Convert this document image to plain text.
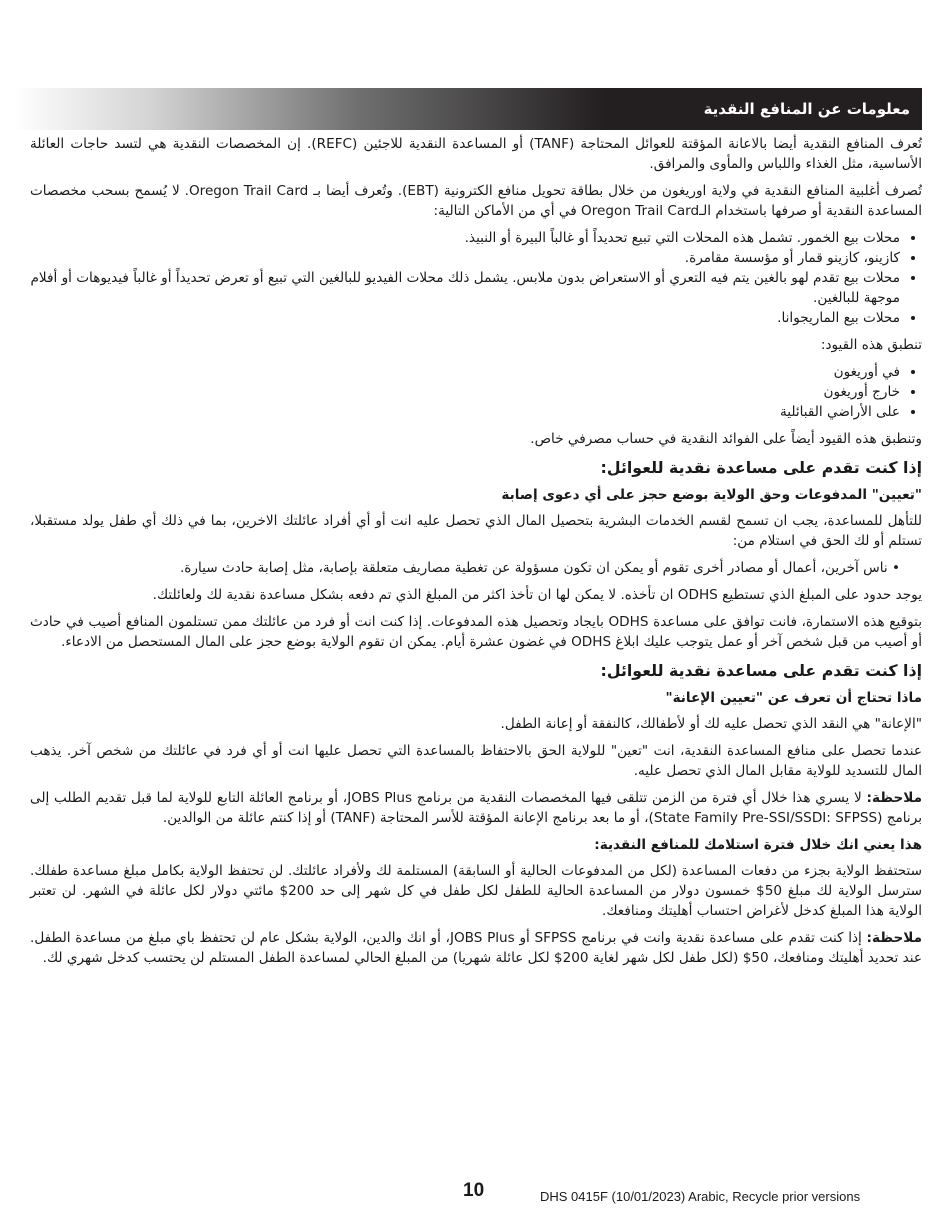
معلومات عن المنافع النقدية

تُعرف المنافع النقدية أيضا بالاعانة المؤقتة للعوائل المحتاجة (TANF) أو المساعدة النقدية للاجئين (REFC). إن المخصصات النقدية هي لتسد حاجات العائلة الأساسية، مثل الغذاء واللباس والمأوى والمرافق.

تُصرف أغلبية المنافع النقدية في ولاية اوريغون من خلال بطاقة تحويل منافع الكترونية (EBT). وتُعرف أيضا بـ Oregon Trail Card. لا يُسمح بسحب مخصصات المساعدة النقدية أو صرفها باستخدام الـOregon Trail Card في أي من الأماكن التالية:

• محلات بيع الخمور. تشمل هذه المحلات التي تبيع تحديداً أو غالباً البيرة أو النبيذ.
• كازينو، كازينو قمار أو مؤسسة مقامرة.
• محلات بيع تقدم لهو بالغين يتم فيه التعري أو الاستعراض بدون ملابس. يشمل ذلك محلات الفيديو للبالغين التي تبيع أو تعرض تحديداً أو غالباً فيديوهات أو أفلام موجهة للبالغين.
• محلات بيع الماريجوانا.

تنطبق هذه القيود:

• في أوريغون
• خارج أوريغون
• على الأراضي القبائلية

وتنطبق هذه القيود أيضاً على الفوائد النقدية في حساب مصرفي خاص.

إذا كنت تقدم على مساعدة نقدية للعوائل:
"تعيين" المدفوعات وحق الولاية بوضع حجز على أي دعوى إصابة

للتأهل للمساعدة، يجب ان تسمح لقسم الخدمات البشرية بتحصيل المال الذي تحصل عليه انت أو أي أفراد عائلتك الاخرين، بما في ذلك أي طفل يولد مستقبلا، تستلم أو لك الحق في استلام من:

• ناس آخرين، أعمال أو مصادر أخرى تقوم أو يمكن ان تكون مسؤولة عن تغطية مصاريف متعلقة بإصابة، مثل إصابة حادث سيارة.

يوجد حدود على المبلغ الذي تستطيع ODHS ان تأخذه. لا يمكن لها ان تأخذ اكثر من المبلغ الذي تم دفعه بشكل مساعدة نقدية لك ولعائلتك.

بتوقيع هذه الاستمارة، فانت توافق على مساعدة ODHS بايجاد وتحصيل هذه المدفوعات. إذا كنت انت أو فرد من عائلتك ممن تستلمون المنافع أصيب في حادث أو أصيب من قبل شخص آخر أو عمل يتوجب عليك ابلاغ ODHS في غضون عشرة أيام. يمكن ان تقوم الولاية بوضع حجز على المال المستحصل من الادعاء.

إذا كنت تقدم على مساعدة نقدية للعوائل:
ماذا تحتاج أن تعرف عن "تعيين الإعانة"

"الإعانة" هي النقد الذي تحصل عليه لك أو لأطفالك، كالنفقة أو إعانة الطفل.

عندما تحصل على منافع المساعدة النقدية، انت "تعين" للولاية الحق بالاحتفاظ بالمساعدة التي تحصل عليها انت أو أي فرد في عائلتك من شخص آخر. يذهب المال للتسديد للولاية مقابل المال الذي تحصل عليه.

ملاحظة: لا يسري هذا خلال أي فترة من الزمن تتلقى فيها المخصصات النقدية من برنامج JOBS Plus، أو برنامج العائلة التابع للولاية لما قبل تقديم الطلب إلى برنامج (State Family Pre-SSI/SSDI: SFPSS)، أو ما بعد برنامج الإعانة المؤقتة للأسر المحتاجة (TANF) أو إذا كنتم عائلة من الوالدين.

هذا يعني انك خلال فترة استلامك للمنافع النقدية:

ستحتفظ الولاية بجزء من دفعات المساعدة (لكل من المدفوعات الحالية أو السابقة) المستلمة لك ولأفراد عائلتك. لن تحتفظ الولاية بكامل مبلغ مساعدة طفلك. سترسل الولاية لك مبلغ 50$ خمسون دولار من المساعدة الحالية للطفل لكل طفل في كل شهر إلى حد 200$ مائتي دولار لكل عائلة في الشهر. لن تعتبر الولاية هذا المبلغ كدخل لأغراض احتساب أهليتك ومنافعك.

ملاحظة: إذا كنت تقدم على مساعدة نقدية وانت في برنامج SFPSS أو JOBS Plus، أو انك والدين، الولاية بشكل عام لن تحتفظ باي مبلغ من مساعدة الطفل. عند تحديد أهليتك ومنافعك، 50$ (لكل طفل لكل شهر لغاية 200$ لكل عائلة شهريا) من المبلغ الحالي لمساعدة الطفل المستلم لن يحتسب كدخل شهري لك.

10	DHS 0415F (10/01/2023) Arabic, Recycle prior versions
